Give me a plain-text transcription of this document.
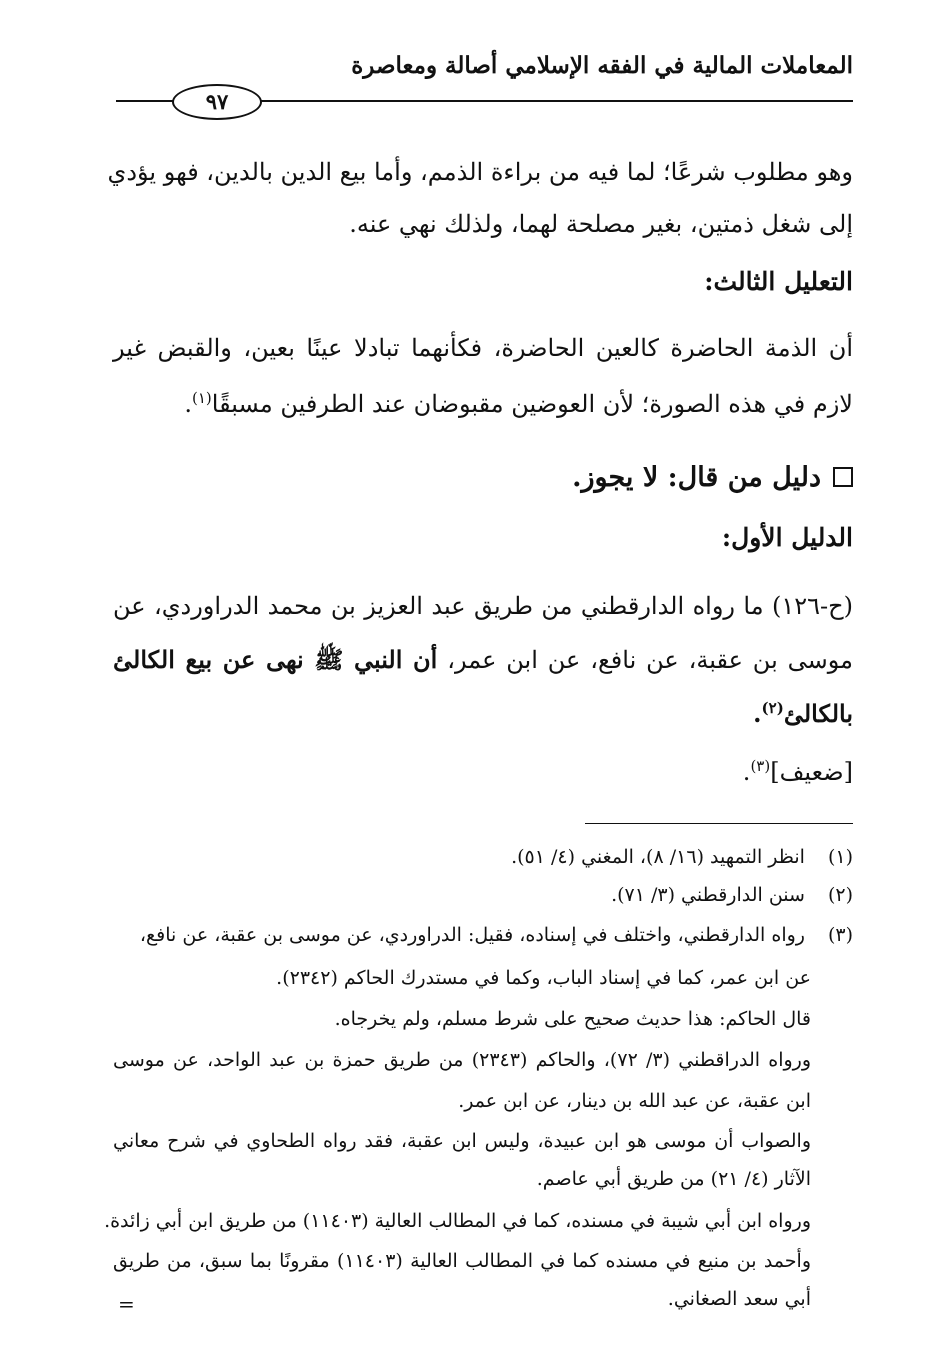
المعاملات المالية في الفقه الإسلامي أصالة ومعاصرة
٩٧
وهو مطلوب شرعًا؛ لما فيه من براءة الذمم، وأما بيع الدين بالدين، فهو يؤدي
إلى شغل ذمتين، بغير مصلحة لهما، ولذلك نهي عنه.
التعليل الثالث:
أن الذمة الحاضرة كالعين الحاضرة، فكأنهما تبادلا عينًا بعين، والقبض غير
لازم في هذه الصورة؛ لأن العوضين مقبوضان عند الطرفين مسبقًا$^{(١)}$.
دليل من قال: لا يجوز.
الدليل الأول:
(ح-١٢٦) ما رواه الدارقطني من طريق عبد العزيز بن محمد الدراوردي، عن
موسى بن عقبة، عن نافع، عن ابن عمر، أن النبي ﷺ نهى عن بيع الكالئ
بالكالئ$^{(٢)}$.
[ضعيف]$^{(٣)}$.
(١) انظر التمهيد (١٦/ ٨)، المغني (٤/ ٥١).
(٢) سنن الدارقطني (٣/ ٧١).
(٣) رواه الدارقطني، واختلف في إسناده، فقيل: الدراوردي، عن موسى بن عقبة، عن نافع،
عن ابن عمر، كما في إسناد الباب، وكما في مستدرك الحاكم (٢٣٤٢).
قال الحاكم: هذا حديث صحيح على شرط مسلم، ولم يخرجاه.
ورواه الدراقطني (٣/ ٧٢)، والحاكم (٢٣٤٣) من طريق حمزة بن عبد الواحد، عن موسى
ابن عقبة، عن عبد الله بن دينار، عن ابن عمر.
والصواب أن موسى هو ابن عبيدة، وليس ابن عقبة، فقد رواه الطحاوي في شرح معاني
الآثار (٤/ ٢١) من طريق أبي عاصم.
ورواه ابن أبي شيبة في مسنده، كما في المطالب العالية (١١٤٠٣) من طريق ابن أبي زائدة.
وأحمد بن منيع في مسنده كما في المطالب العالية (١١٤٠٣) مقرونًا بما سبق، من طريق
أبي سعد الصغاني.
=
